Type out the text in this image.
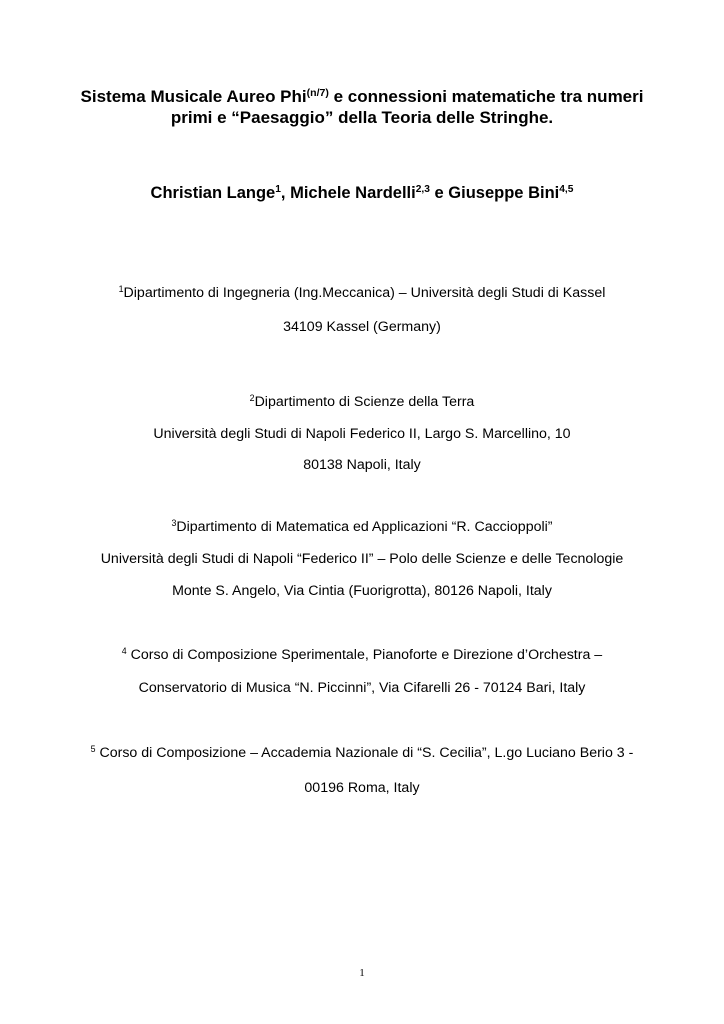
Sistema Musicale Aureo Phi$^{(n/7)}$ e connessioni matematiche tra numeri
primi e “Paesaggio” della Teoria delle Stringhe.
Christian Lange$^1$, Michele Nardelli$^{2,3}$ e Giuseppe Bini$^{4,5}$
$^1$Dipartimento di Ingegneria (Ing.Meccanica) – Università degli Studi di Kassel
34109 Kassel (Germany)
$^2$Dipartimento di Scienze della Terra
Università degli Studi di Napoli Federico II, Largo S. Marcellino, 10
80138 Napoli, Italy
$^3$Dipartimento di Matematica ed Applicazioni “R. Caccioppoli”
Università degli Studi di Napoli “Federico II” – Polo delle Scienze e delle Tecnologie
Monte S. Angelo, Via Cintia (Fuorigrotta), 80126 Napoli, Italy
$^4$ Corso di Composizione Sperimentale, Pianoforte e Direzione d’Orchestra –
Conservatorio di Musica “N. Piccinni”, Via Cifarelli 26 - 70124 Bari, Italy
$^5$ Corso di Composizione – Accademia Nazionale di “S. Cecilia”, L.go Luciano Berio 3 -
00196 Roma, Italy
1
